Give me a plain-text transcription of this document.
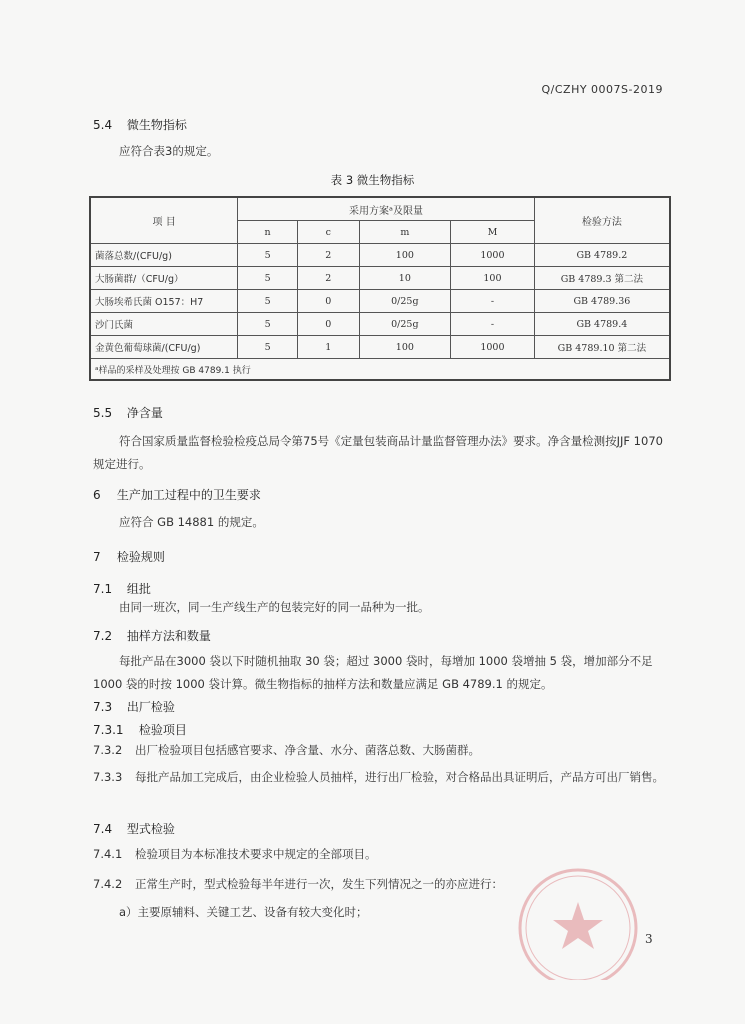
Q/CZHY 0007S-2019
5.4 微生物指标
应符合表3的规定。
表 3 微生物指标
项 目	采用方案ᵃ及限量				检验方法
	n	c	m	M	
菌落总数/(CFU/g)	5	2	100	1000	GB 4789.2
大肠菌群/（CFU/g）	5	2	10	100	GB 4789.3 第二法
大肠埃希氏菌 O157：H7	5	0	0/25g	-	GB 4789.36
沙门氏菌	5	0	0/25g	-	GB 4789.4
金黄色葡萄球菌/(CFU/g)	5	1	100	1000	GB 4789.10 第二法
ᵃ样品的采样及处理按 GB 4789.1 执行					
5.5 净含量
符合国家质量监督检验检疫总局令第75号《定量包装商品计量监督管理办法》要求。净含量检测按JJF 1070规定进行。
6 生产加工过程中的卫生要求
应符合 GB 14881 的规定。
7 检验规则
7.1 组批
由同一班次，同一生产线生产的包装完好的同一品种为一批。
7.2 抽样方法和数量
每批产品在3000 袋以下时随机抽取 30 袋；超过 3000 袋时，每增加 1000 袋增抽 5 袋，增加部分不足 1000 袋的时按 1000 袋计算。微生物指标的抽样方法和数量应满足 GB 4789.1 的规定。
7.3 出厂检验
7.3.1 检验项目
7.3.2 出厂检验项目包括感官要求、净含量、水分、菌落总数、大肠菌群。
7.3.3 每批产品加工完成后，由企业检验人员抽样，进行出厂检验，对合格品出具证明后，产品方可出厂销售。
7.4 型式检验
7.4.1 检验项目为本标准技术要求中规定的全部项目。
7.4.2 正常生产时，型式检验每半年进行一次，发生下列情况之一的亦应进行：
a）主要原辅料、关键工艺、设备有较大变化时；
3
